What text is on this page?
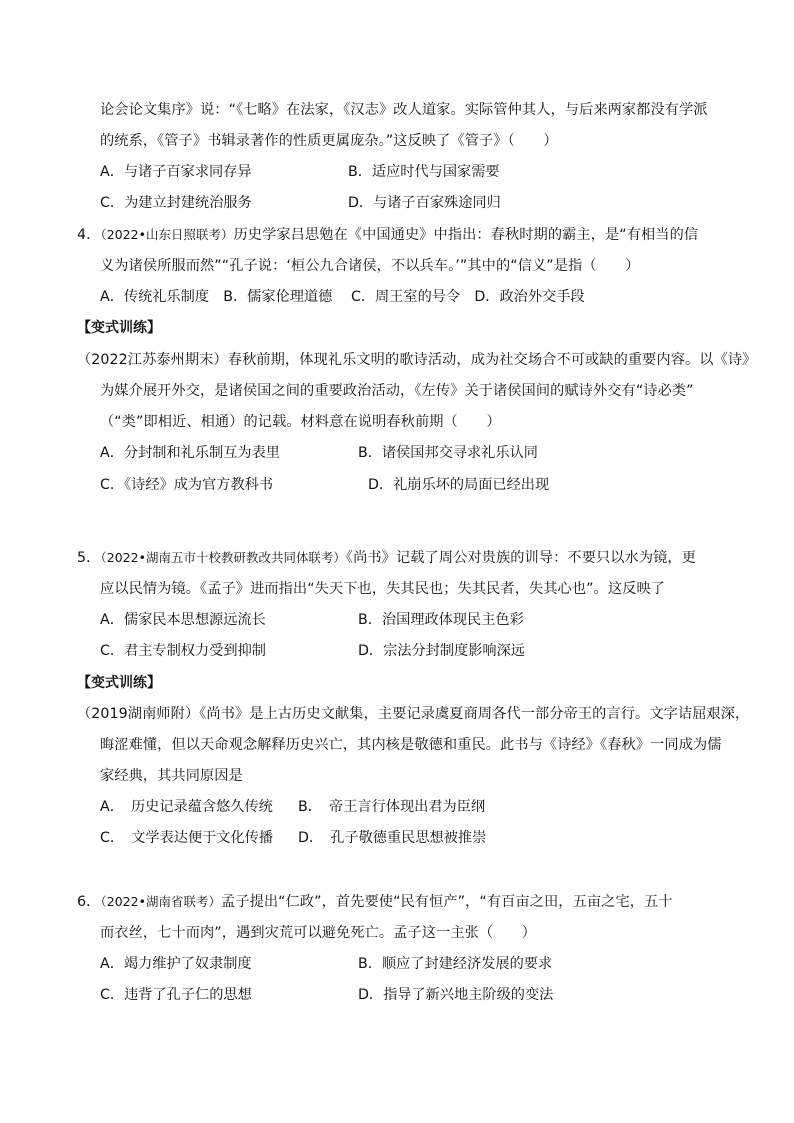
论会论文集序》说：“《七略》在法家，《汉志》改人道家。实际管仲其人，与后来两家都没有学派
的统系，《管子》书辑录著作的性质更属庞杂。”这反映了《管子》（　　）
A．与诸子百家求同存异	B．适应时代与国家需要
C．为建立封建统治服务	D．与诸子百家殊途同归
4．（2022•山东日照联考）历史学家吕思勉在《中国通史》中指出：春秋时期的霸主，是“有相当的信
义为诸侯所服而然”“孔子说：‘桓公九合诸侯，不以兵车。’”其中的“信义”是指（　　）
A．传统礼乐制度　B．儒家伦理道德　 C．周王室的号令　D．政治外交手段
【变式训练】
（2022江苏泰州期末）春秋前期，体现礼乐文明的歌诗活动，成为社交场合不可或缺的重要内容。以《诗》
为媒介展开外交，是诸侯国之间的重要政治活动，《左传》关于诸侯国间的赋诗外交有“诗必类”
（“类”即相近、相通）的记载。材料意在说明春秋前期（　　）
A．分封制和礼乐制互为表里	B．诸侯国邦交寻求礼乐认同
C．《诗经》成为官方教科书	D．礼崩乐坏的局面已经出现
5．（2022•湖南五市十校教研教改共同体联考）《尚书》记载了周公对贵族的训导：不要只以水为镜，更
应以民情为镜。《孟子》进而指出“失天下也，失其民也；失其民者，失其心也”。这反映了
A．儒家民本思想源远流长	B．治国理政体现民主色彩
C．君主专制权力受到抑制	D．宗法分封制度影响深远
【变式训练】
（2019湖南师附）《尚书》是上古历史文献集，主要记录虞夏商周各代一部分帝王的言行。文字诘屈艰深，
晦涩难懂，但以天命观念解释历史兴亡，其内核是敬德和重民。此书与《诗经》《春秋》一同成为儒
家经典，其共同原因是
A．　历史记录蕴含悠久传统 B．　帝王言行体现出君为臣纲
C．　文学表达便于文化传播 D．　孔子敬德重民思想被推崇
6．（2022•湖南省联考）孟子提出“仁政”，首先要使“民有恒产”，“有百亩之田，五亩之宅，五十
而衣丝，七十而肉”，遇到灾荒可以避免死亡。孟子这一主张（　　）
A．竭力维护了奴隶制度	B．顺应了封建经济发展的要求
C．违背了孔子仁的思想	D．指导了新兴地主阶级的变法
